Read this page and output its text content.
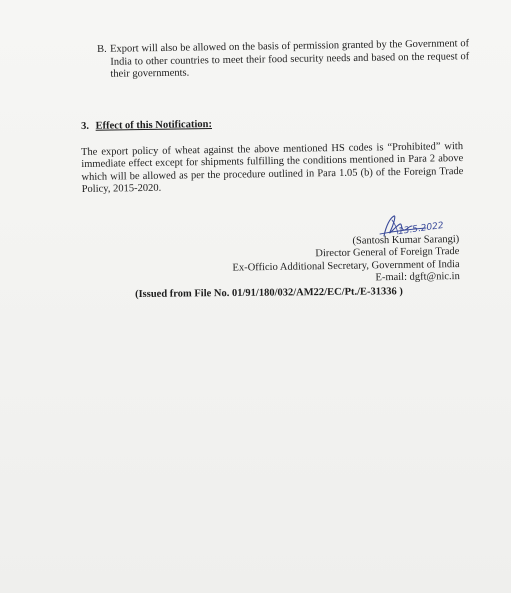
B. Export will also be allowed on the basis of permission granted by the Government of India to other countries to meet their food security needs and based on the request of their governments.
3. Effect of this Notification:
The export policy of wheat against the above mentioned HS codes is “Prohibited” with immediate effect except for shipments fulfilling the conditions mentioned in Para 2 above which will be allowed as per the procedure outlined in Para 1.05 (b) of the Foreign Trade Policy, 2015-2020.
13.5.2022
(Santosh Kumar Sarangi)
Director General of Foreign Trade
Ex-Officio Additional Secretary, Government of India
E-mail: dgft@nic.in
(Issued from File No. 01/91/180/032/AM22/EC/Pt./E-31336 )
